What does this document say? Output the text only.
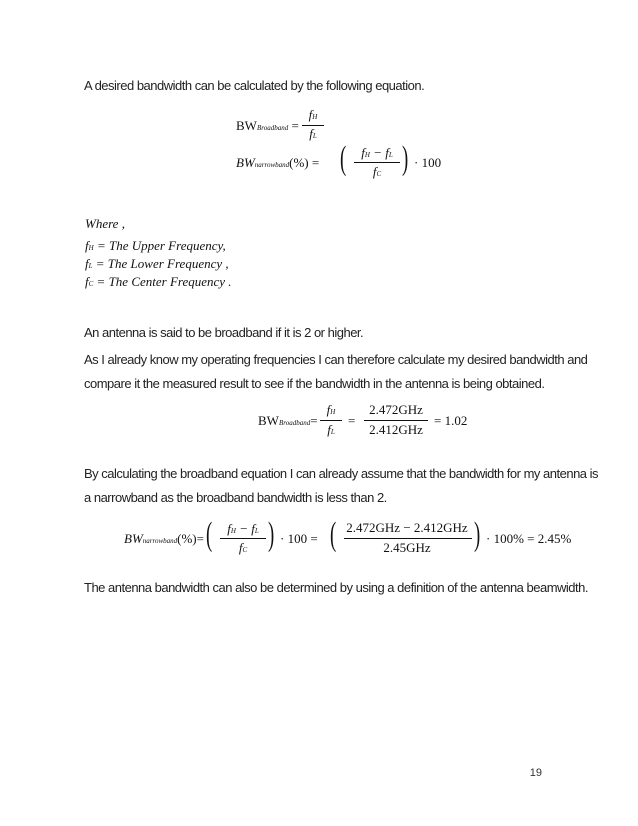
A desired bandwidth can be calculated by the following equation.
BWBroadband =
fH
fL
BWnarrowband(%) = (	fH − fL
fC ) · 100
Where ,
fH = The Upper Frequency,
fL = The Lower Frequency ,
fC = The Center Frequency .
An antenna is said to be broadband if it is 2 or higher.
As I already know my operating frequencies I can therefore calculate my desired bandwidth and
compare it the measured result to see if the bandwidth in the antenna is being obtained.
BWBroadband=
fH
fL
=
2.472GHz
2.412GHz
= 1.02
By calculating the broadband equation I can already assume that the bandwidth for my antenna is
a narrowband as the broadband bandwidth is less than 2.
BWnarrowband(%)= (	fH − fL
fC ) · 100 = ( 2.472GHz − 2.412GHz
2.45GHz	) · 100% = 2.45%
The antenna bandwidth can also be determined by using a definition of the antenna beamwidth.
19
